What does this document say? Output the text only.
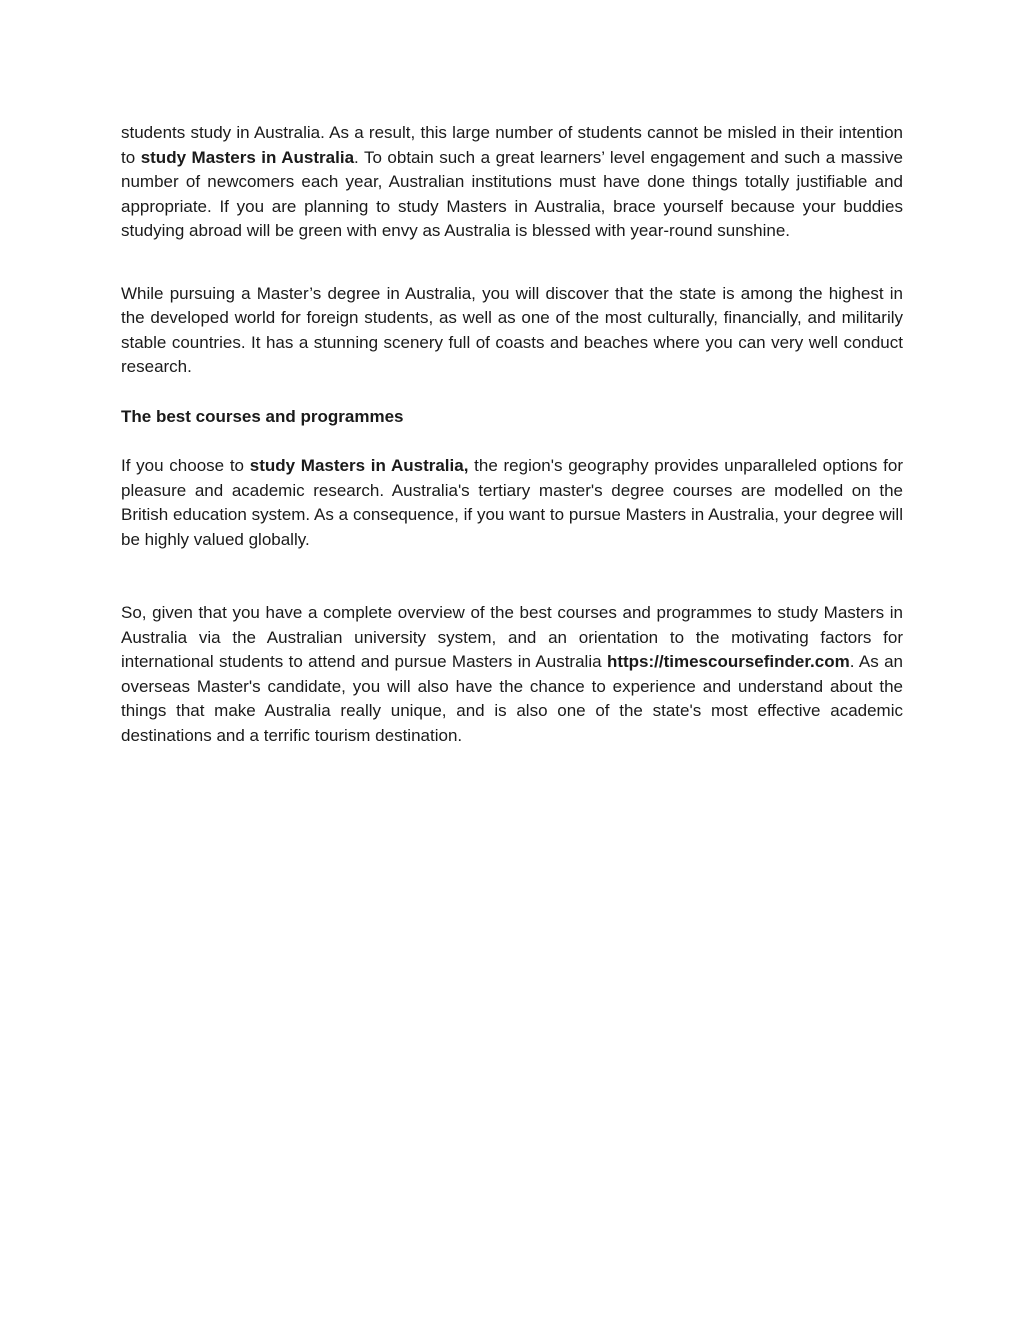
students study in Australia. As a result, this large number of students cannot be misled in their intention to study Masters in Australia. To obtain such a great learners’ level engagement and such a massive number of newcomers each year, Australian institutions must have done things totally justifiable and appropriate. If you are planning to study Masters in Australia, brace yourself because your buddies studying abroad will be green with envy as Australia is blessed with year-round sunshine.

While pursuing a Master’s degree in Australia, you will discover that the state is among the highest in the developed world for foreign students, as well as one of the most culturally, financially, and militarily stable countries. It has a stunning scenery full of coasts and beaches where you can very well conduct research.

The best courses and programmes

If you choose to study Masters in Australia, the region's geography provides unparalleled options for pleasure and academic research. Australia's tertiary master's degree courses are modelled on the British education system. As a consequence, if you want to pursue Masters in Australia, your degree will be highly valued globally.

So, given that you have a complete overview of the best courses and programmes to study Masters in Australia via the Australian university system, and an orientation to the motivating factors for international students to attend and pursue Masters in Australia https://timescoursefinder.com. As an overseas Master's candidate, you will also have the chance to experience and understand about the things that make Australia really unique, and is also one of the state's most effective academic destinations and a terrific tourism destination.
